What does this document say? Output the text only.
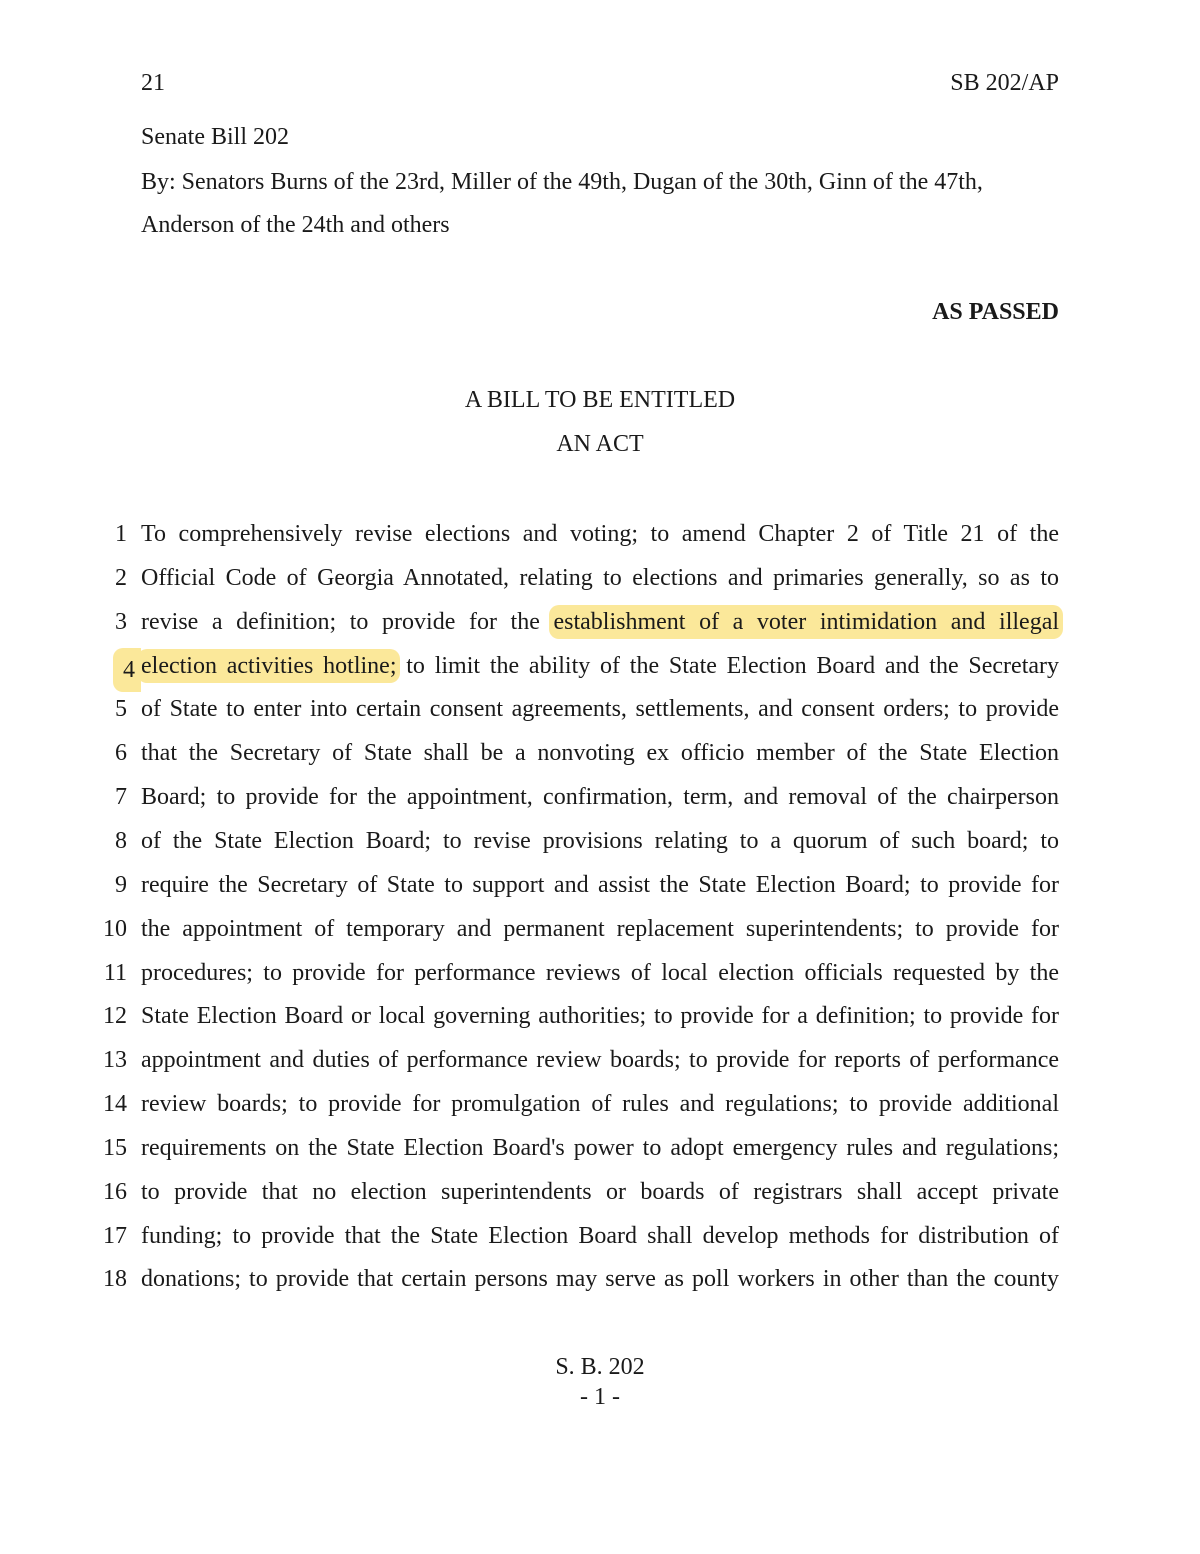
21	SB 202/AP
Senate Bill 202
By: Senators Burns of the 23rd, Miller of the 49th, Dugan of the 30th, Ginn of the 47th,
Anderson of the 24th and others
AS PASSED
A BILL TO BE ENTITLED
AN ACT
1 To comprehensively revise elections and voting; to amend Chapter 2 of Title 21 of the
2 Official Code of Georgia Annotated, relating to elections and primaries generally, so as to
3 revise a definition; to provide for the establishment of a voter intimidation and illegal
4 election activities hotline; to limit the ability of the State Election Board and the Secretary
5 of State to enter into certain consent agreements, settlements, and consent orders; to provide
6 that the Secretary of State shall be a nonvoting ex officio member of the State Election
7 Board; to provide for the appointment, confirmation, term, and removal of the chairperson
8 of the State Election Board; to revise provisions relating to a quorum of such board; to
9 require the Secretary of State to support and assist the State Election Board; to provide for
10 the appointment of temporary and permanent replacement superintendents; to provide for
11 procedures; to provide for performance reviews of local election officials requested by the
12 State Election Board or local governing authorities; to provide for a definition; to provide for
13 appointment and duties of performance review boards; to provide for reports of performance
14 review boards; to provide for promulgation of rules and regulations; to provide additional
15 requirements on the State Election Board's power to adopt emergency rules and regulations;
16 to provide that no election superintendents or boards of registrars shall accept private
17 funding; to provide that the State Election Board shall develop methods for distribution of
18 donations; to provide that certain persons may serve as poll workers in other than the county
S. B. 202
- 1 -
